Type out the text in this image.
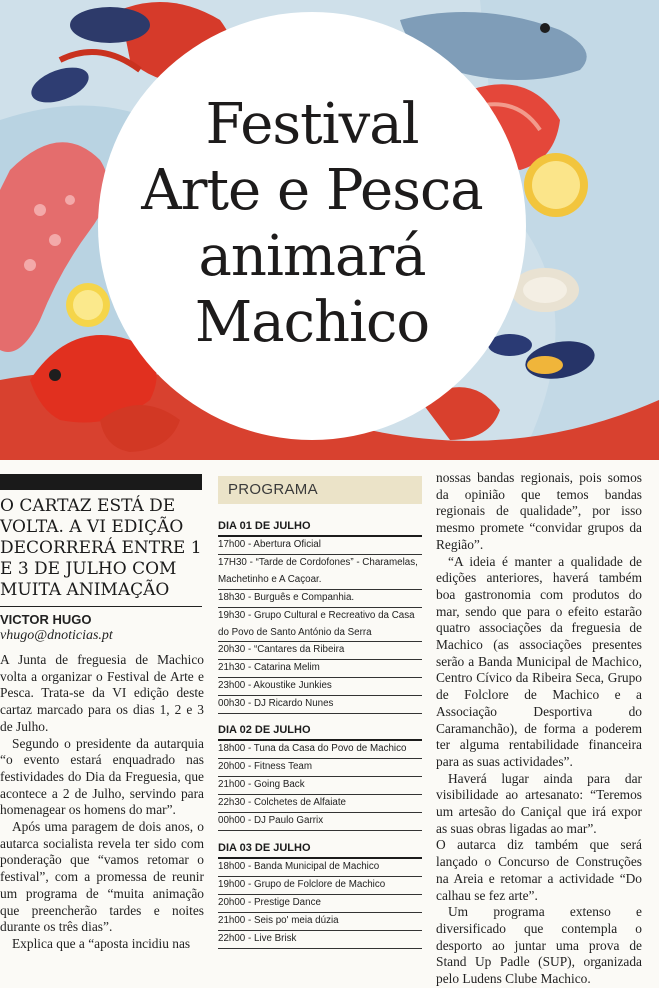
Festival
Arte e Pesca
animará
Machico
O CARTAZ ESTÁ DE VOLTA. A VI EDIÇÃO DECORRERÁ ENTRE 1 E 3 DE JULHO COM MUITA ANIMAÇÃO
VICTOR HUGO
vhugo@dnoticias.pt

A Junta de freguesia de Machico volta a organizar o Festival de Arte e Pesca. Trata-se da VI edição deste cartaz marcado para os dias 1, 2 e 3 de Julho.

Segundo o presidente da autarquia “o evento estará enquadrado nas festividades do Dia da Freguesia, que acontece a 2 de Julho, servindo para homenagear os homens do mar”.

Após uma paragem de dois anos, o autarca socialista revela ter sido com ponderação que “vamos retomar o festival”, com a promessa de reunir um programa de “muita animação que preencherão tardes e noites durante os três dias”.

Explica que a “aposta incidiu nas

PROGRAMA
DIA 01 DE JULHO
17h00 - Abertura Oficial
17H30 - “Tarde de Cordofones” - Charamelas, Machetinho e A Caçoar.
18h30 - Burguês e Companhia.
19h30 - Grupo Cultural e Recreativo da Casa do Povo de Santo António da Serra
20h30 - “Cantares da Ribeira
21h30 - Catarina Melim
23h00 - Akoustike Junkies
00h30 - DJ Ricardo Nunes
DIA 02 DE JULHO
18h00 - Tuna da Casa do Povo de Machico
20h00 - Fitness Team
21h00 - Going Back
22h30 - Colchetes de Alfaiate
00h00 - DJ Paulo Garrix
DIA 03 DE JULHO
18h00 - Banda Municipal de Machico
19h00 - Grupo de Folclore de Machico
20h00 - Prestige Dance
21h00 - Seis po' meia dúzia
22h00 - Live Brisk

nossas bandas regionais, pois somos da opinião que temos bandas regionais de qualidade”, por isso mesmo promete “convidar grupos da Região”.

“A ideia é manter a qualidade de edições anteriores, haverá também boa gastronomia com produtos do mar, sendo que para o efeito estarão quatro associações da freguesia de Machico (as associações presentes serão a Banda Municipal de Machico, Centro Cívico da Ribeira Seca, Grupo de Folclore de Machico e a Associação Desportiva do Caramanchão), de forma a poderem ter alguma rentabilidade financeira para as suas actividades”.

Haverá lugar ainda para dar visibilidade ao artesanato: “Teremos um artesão do Caniçal que irá expor as suas obras ligadas ao mar”.

O autarca diz também que será lançado o Concurso de Construções na Areia e retomar a actividade “Do calhau se fez arte”.

Um programa extenso e diversificado que contempla o desporto ao juntar uma prova de Stand Up Padle (SUP), organizada pelo Ludens Clube Machico.
